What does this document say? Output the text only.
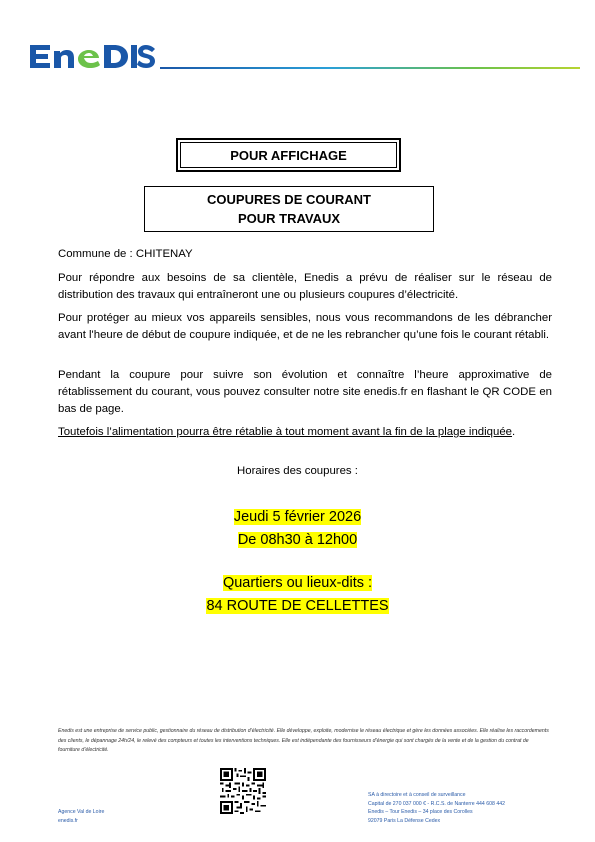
POUR AFFICHAGE
COUPURES DE COURANT
POUR TRAVAUX
Commune de : CHITENAY
Pour répondre aux besoins de sa clientèle, Enedis a prévu de réaliser sur le réseau de distribution des travaux qui entraîneront une ou plusieurs coupures d’électricité.
Pour protéger au mieux vos appareils sensibles, nous vous recommandons de les débrancher avant l'heure de début de coupure indiquée, et de ne les rebrancher qu’une fois le courant rétabli.
Pendant la coupure pour suivre son évolution et connaître l’heure approximative de rétablissement du courant, vous pouvez consulter notre site enedis.fr en flashant le QR CODE en bas de page.
Toutefois l’alimentation pourra être rétablie à tout moment avant la fin de la plage indiquée.
Horaires des coupures :
Jeudi 5 février 2026
De 08h30 à 12h00
Quartiers ou lieux-dits :
84 ROUTE DE CELLETTES
Enedis est une entreprise de service public, gestionnaire du réseau de distribution d’électricité. Elle développe, exploite, modernise le réseau électrique et gère les données associées. Elle réalise les raccordements des clients, le dépannage 24h/24, le relevé des compteurs et toutes les interventions techniques. Elle est indépendante des fournisseurs d’énergie qui sont chargés de la vente et de la gestion du contrat de fourniture d’électricité.
Agence Val de Loire
enedis.fr
SA à directoire et à conseil de surveillance
Capital de 270 037 000 € - R.C.S. de Nanterre 444 608 442
Enedis – Tour Enedis – 34 place des Corolles
92079 Paris La Défense Cedex
